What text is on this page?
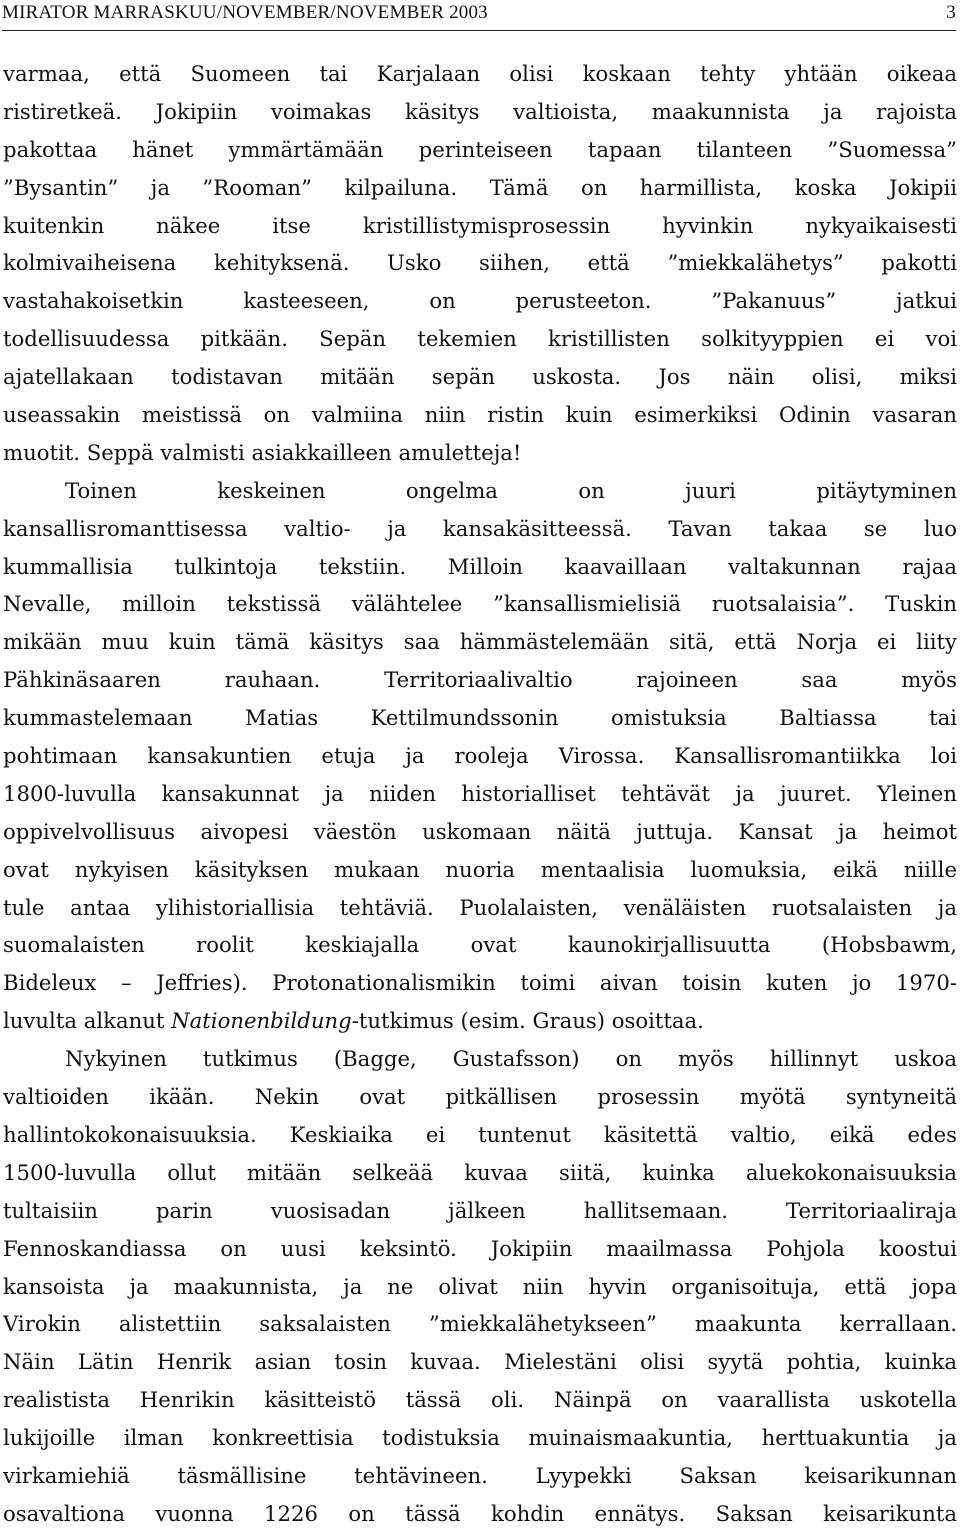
MIRATOR MARRASKUU/NOVEMBER/NOVEMBER 2003	3

varmaa, että Suomeen tai Karjalaan olisi koskaan tehty yhtään oikeaa
ristiretkeä. Jokipiin voimakas käsitys valtioista, maakunnista ja rajoista
pakottaa hänet ymmärtämään perinteiseen tapaan tilanteen ”Suomessa”
”Bysantin” ja ”Rooman” kilpailuna. Tämä on harmillista, koska Jokipii
kuitenkin näkee itse kristillistymisprosessin hyvinkin nykyaikaisesti
kolmivaiheisena kehityksenä. Usko siihen, että ”miekkalähetys” pakotti
vastahakoisetkin kasteeseen, on perusteeton. ”Pakanuus” jatkui
todellisuudessa pitkään. Sepän tekemien kristillisten solkityyppien ei voi
ajatellakaan todistavan mitään sepän uskosta. Jos näin olisi, miksi
useassakin meistissä on valmiina niin ristin kuin esimerkiksi Odinin vasaran
muotit. Seppä valmisti asiakkailleen amuletteja!

Toinen keskeinen ongelma on juuri pitäytyminen
kansallisromanttisessa valtio- ja kansakäsitteessä. Tavan takaa se luo
kummallisia tulkintoja tekstiin. Milloin kaavaillaan valtakunnan rajaa
Nevalle, milloin tekstissä välähtelee ”kansallismielisiä ruotsalaisia”. Tuskin
mikään muu kuin tämä käsitys saa hämmästelemään sitä, että Norja ei liity
Pähkinäsaaren rauhaan. Territoriaalivaltio rajoineen saa myös
kummastelemaan Matias Kettilmundssonin omistuksia Baltiassa tai
pohtimaan kansakuntien etuja ja rooleja Virossa. Kansallisromantiikka loi
1800-luvulla kansakunnat ja niiden historialliset tehtävät ja juuret. Yleinen
oppivelvollisuus aivopesi väestön uskomaan näitä juttuja. Kansat ja heimot
ovat nykyisen käsityksen mukaan nuoria mentaalisia luomuksia, eikä niille
tule antaa ylihistoriallisia tehtäviä. Puolalaisten, venäläisten ruotsalaisten ja
suomalaisten roolit keskiajalla ovat kaunokirjallisuutta (Hobsbawm,
Bideleux – Jeffries). Protonationalismikin toimi aivan toisin kuten jo 1970-
luvulta alkanut Nationenbildung-tutkimus (esim. Graus) osoittaa.

Nykyinen tutkimus (Bagge, Gustafsson) on myös hillinnyt uskoa
valtioiden ikään. Nekin ovat pitkällisen prosessin myötä syntyneitä
hallintokokonaisuuksia. Keskiaika ei tuntenut käsitettä valtio, eikä edes
1500-luvulla ollut mitään selkeää kuvaa siitä, kuinka aluekokonaisuuksia
tultaisiin parin vuosisadan jälkeen hallitsemaan. Territoriaaliraja
Fennoskandiassa on uusi keksintö. Jokipiin maailmassa Pohjola koostui
kansoista ja maakunnista, ja ne olivat niin hyvin organisoituja, että jopa
Virokin alistettiin saksalaisten ”miekkalähetykseen” maakunta kerrallaan.
Näin Lätin Henrik asian tosin kuvaa. Mielestäni olisi syytä pohtia, kuinka
realistista Henrikin käsitteistö tässä oli. Näinpä on vaarallista uskotella
lukijoille ilman konkreettisia todistuksia muinaismaakuntia, herttuakuntia ja
virkamiehiä täsmällisine tehtävineen. Lyypekki Saksan keisarikunnan
osavaltiona vuonna 1226 on tässä kohdin ennätys. Saksan keisarikunta
